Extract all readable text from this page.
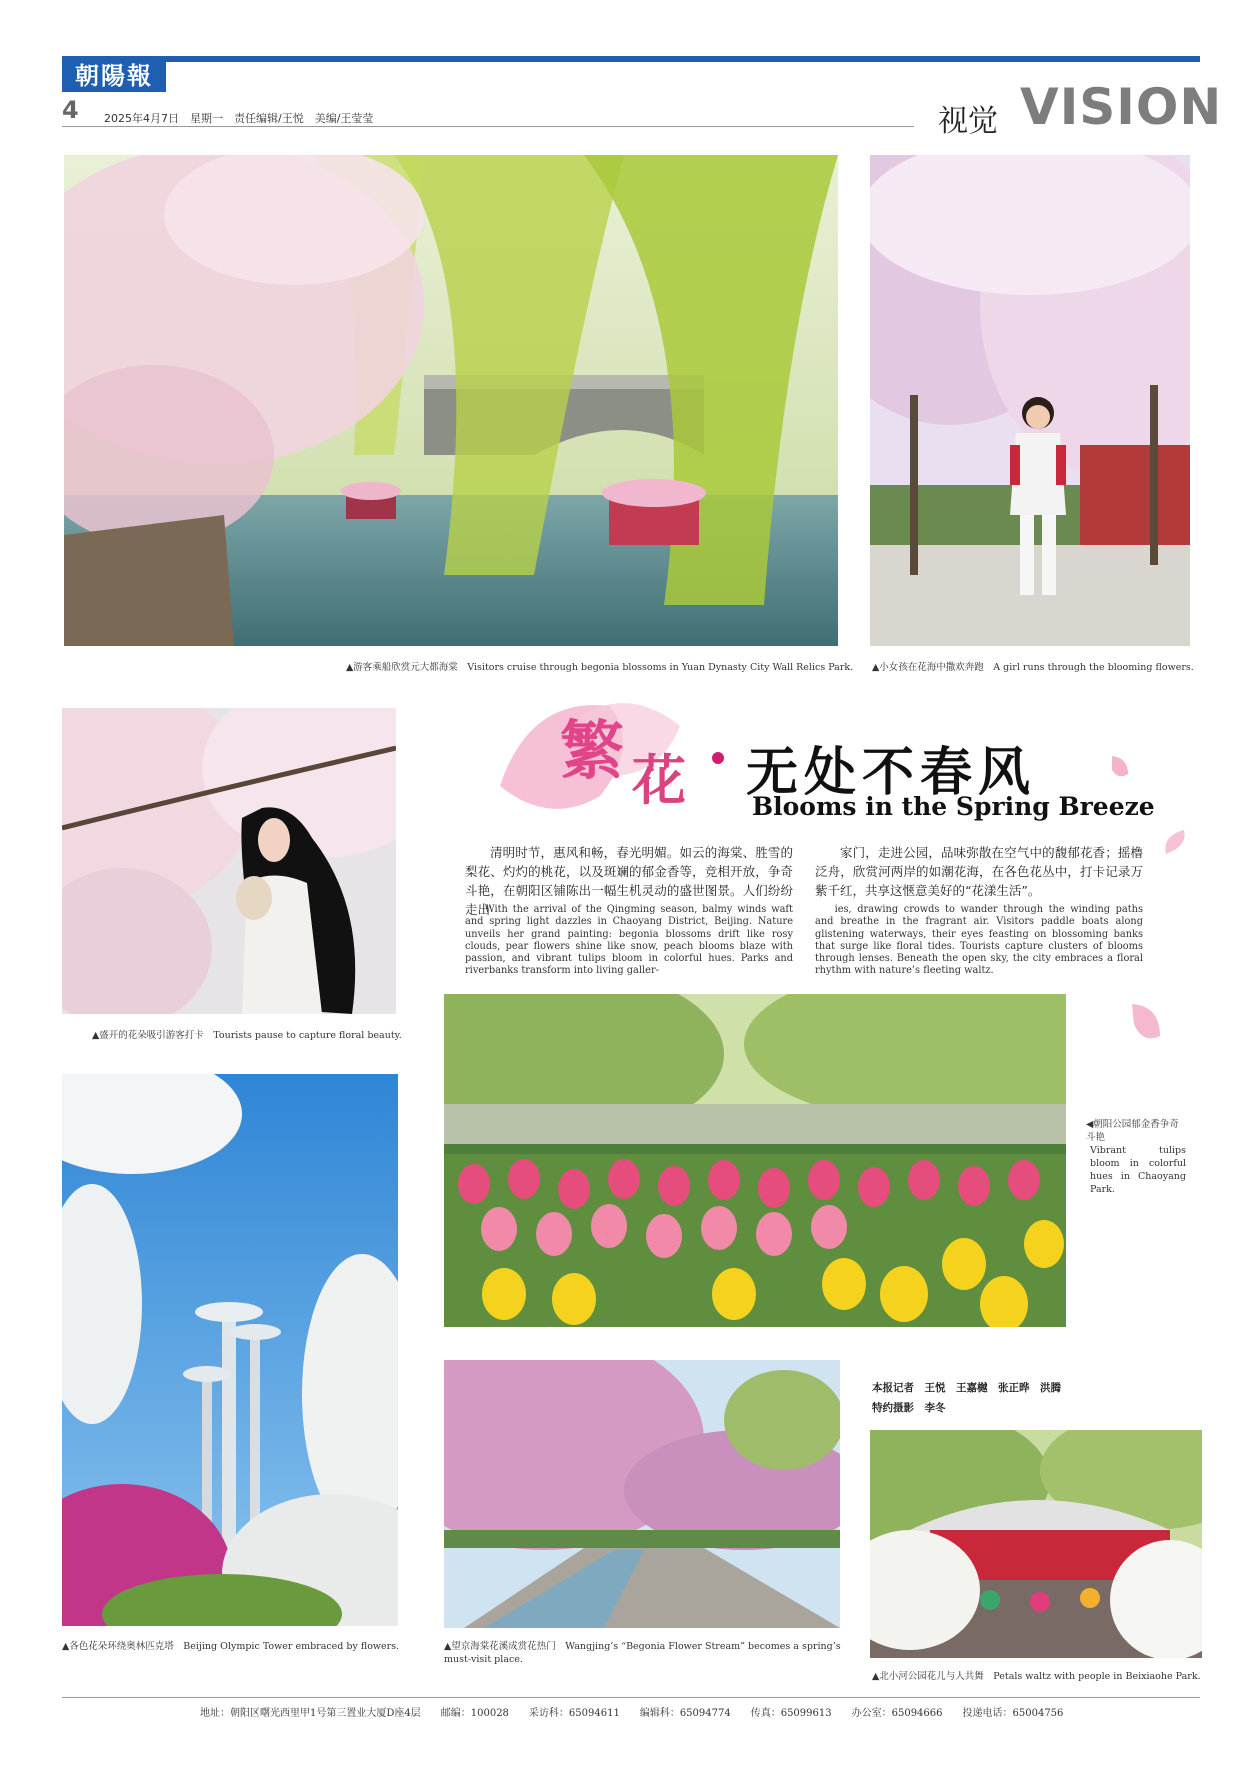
朝陽報
4 2025年4月7日　星期一　责任编辑/王悦　美编/王莹莹	视觉 VISION
▲游客乘船欣赏元大都海棠　Visitors cruise through begonia blossoms in Yuan Dynasty City Wall Relics Park. ▲小女孩在花海中撒欢奔跑　A girl runs through the blooming flowers.
▲盛开的花朵吸引游客打卡　Tourists pause to capture floral beauty.
繁 花 无处不春风
Blooms in the Spring Breeze
清明时节，惠风和畅，春光明媚。如云的海棠、胜雪的梨花、灼灼的桃花，以及斑斓的郁金香等，竞相开放，争奇斗艳，在朝阳区铺陈出一幅生机灵动的盛世图景。人们纷纷走出
家门，走进公园，品味弥散在空气中的馥郁花香；摇橹泛舟，欣赏河两岸的如潮花海，在各色花丛中，打卡记录万紫千红，共享这惬意美好的“花漾生活”。
With the arrival of the Qingming season, balmy winds waft and spring light dazzles in Chaoyang District, Beijing. Nature unveils her grand painting: begonia blossoms drift like rosy clouds, pear flowers shine like snow, peach blooms blaze with passion, and vibrant tulips bloom in colorful hues. Parks and riverbanks transform into living galler-
ies, drawing crowds to wander through the winding paths and breathe in the fragrant air. Visitors paddle boats along glistening waterways, their eyes feasting on blossoming banks that surge like floral tides. Tourists capture clusters of blooms through lenses. Beneath the open sky, the city embraces a floral rhythm with nature’s fleeting waltz.
◀朝阳公园郁金香争奇斗艳
Vibrant tulips bloom in colorful hues in Chaoyang Park.
▲各色花朵环绕奥林匹克塔　Beijing Olympic Tower embraced by flowers.	▲望京海棠花溪成赏花热门　Wangjing’s “Begonia Flower Stream” becomes a spring’s must-visit place.
本报记者　王悦　王嘉樾　张正晔　洪腾
特约摄影　李冬
▲北小河公园花儿与人共舞　Petals waltz with people in Beixiaohe Park.
地址：朝阳区曙光西里甲1号第三置业大厦D座4层　　邮编：100028　　采访科：65094611　　编辑科：65094774　　传真：65099613　　办公室：65094666　　投递电话：65004756
